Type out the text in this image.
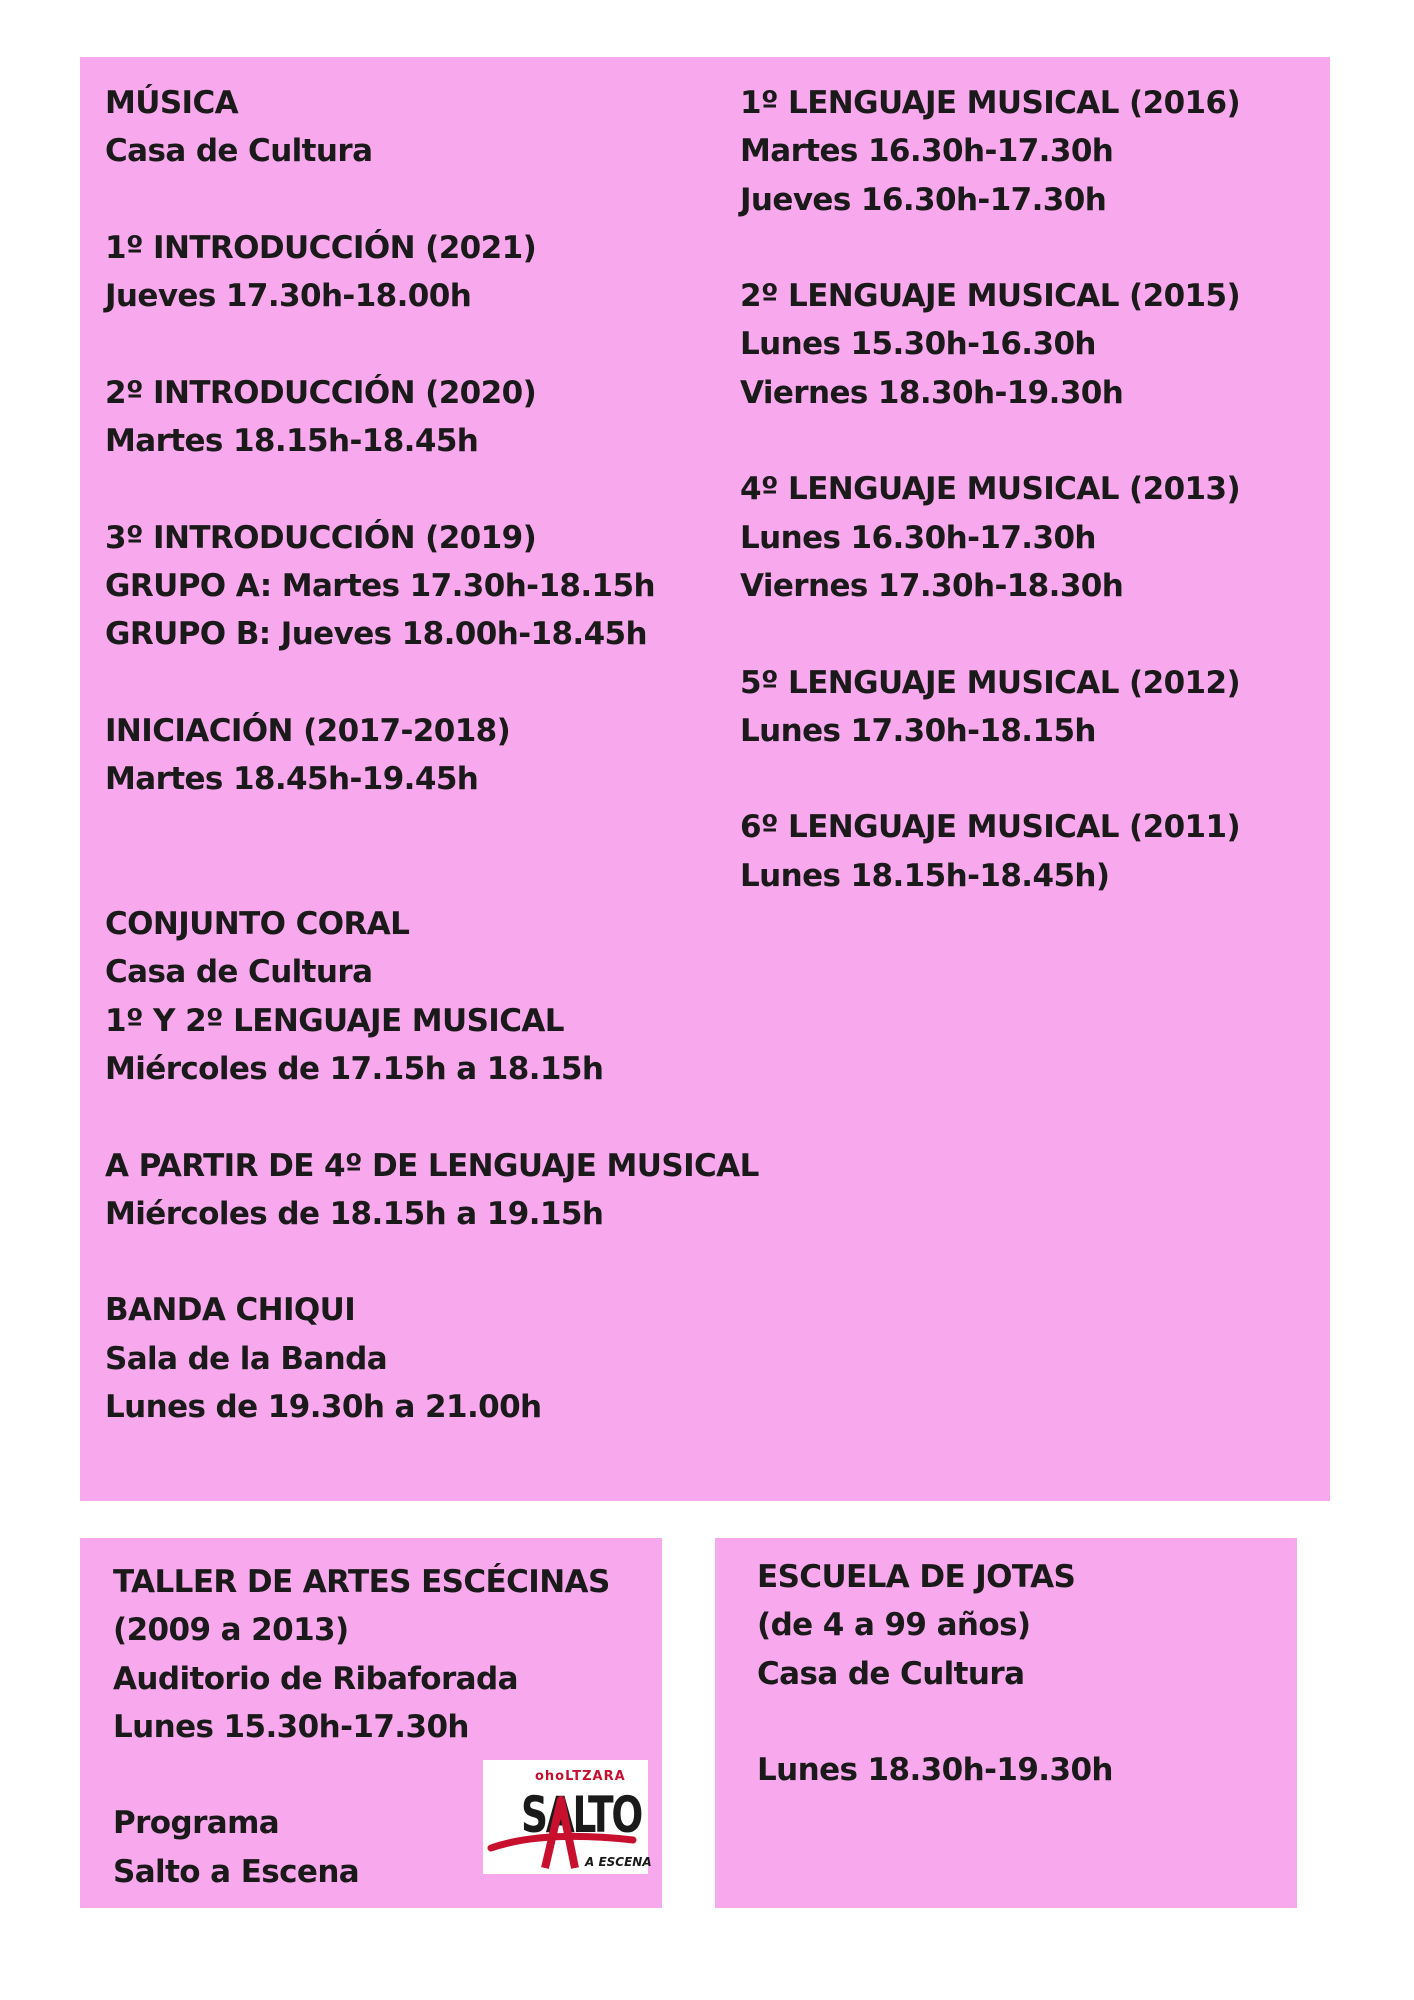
MÚSICA
Casa de Cultura
1º INTRODUCCIÓN (2021)
Jueves 17.30h-18.00h
2º INTRODUCCIÓN (2020)
Martes 18.15h-18.45h
3º INTRODUCCIÓN (2019)
GRUPO A: Martes 17.30h-18.15h
GRUPO B: Jueves 18.00h-18.45h
INICIACIÓN (2017-2018)
Martes 18.45h-19.45h
CONJUNTO CORAL
Casa de Cultura
1º Y 2º LENGUAJE MUSICAL
Miércoles de 17.15h a 18.15h
A PARTIR DE 4º DE LENGUAJE MUSICAL
Miércoles de 18.15h a 19.15h
BANDA CHIQUI
Sala de la Banda
Lunes de 19.30h a 21.00h
1º LENGUAJE MUSICAL (2016)
Martes 16.30h-17.30h
Jueves 16.30h-17.30h
2º LENGUAJE MUSICAL (2015)
Lunes 15.30h-16.30h
Viernes 18.30h-19.30h
4º LENGUAJE MUSICAL (2013)
Lunes 16.30h-17.30h
Viernes 17.30h-18.30h
5º LENGUAJE MUSICAL (2012)
Lunes 17.30h-18.15h
6º LENGUAJE MUSICAL (2011)
Lunes 18.15h-18.45h)
TALLER DE ARTES ESCÉCINAS
(2009 a 2013)
Auditorio de Ribaforada
Lunes 15.30h-17.30h
Programa
Salto a Escena
ESCUELA DE JOTAS
(de 4 a 99 años)
Casa de Cultura
Lunes 18.30h-19.30h
ohoLTZARA
SALTO
A ESCENA
